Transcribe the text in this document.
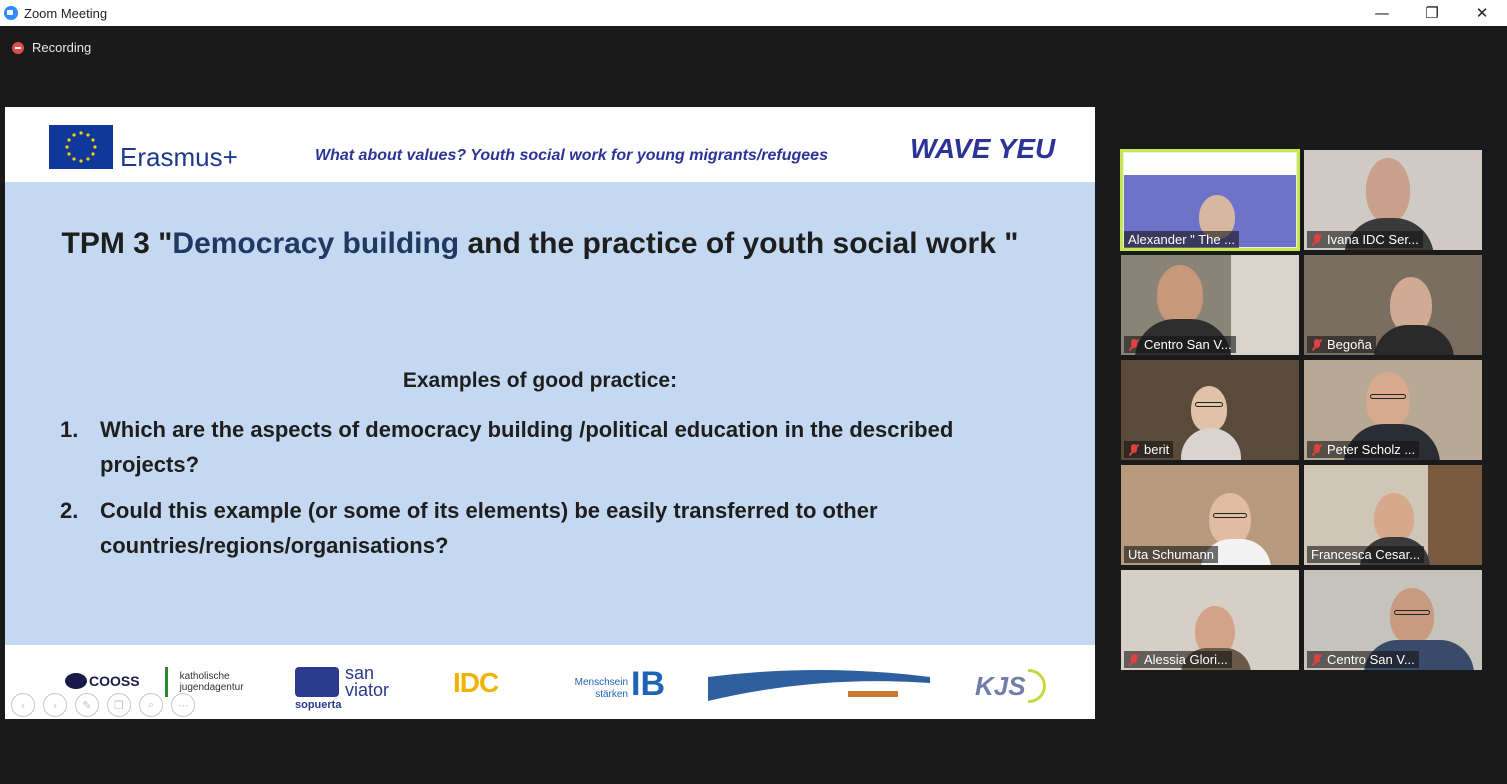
Zoom Meeting	—	❐	✕
Recording
Erasmus+	What about values? Youth social work for young migrants/refugees	WAVE YEU
TPM 3 "Democracy building and the practice of youth social work "
Examples of good practice:
1. Which are the aspects of democracy building /political education in the described projects?
2. Could this example (or some of its elements) be easily transferred to other countries/regions/organisations?
COOSS	katholische jugendagentur
san viator
sopuerta
IDC	Menschsein stärken IB	KJS
‹	›	✎	❐	⌕	⋯
Alexander " The ...	Ivana IDC Ser...
Centro San V...	Begoña
berit	Peter Scholz ...
Uta Schumann	Francesca Cesar...
Alessia Glori...	Centro San V...
